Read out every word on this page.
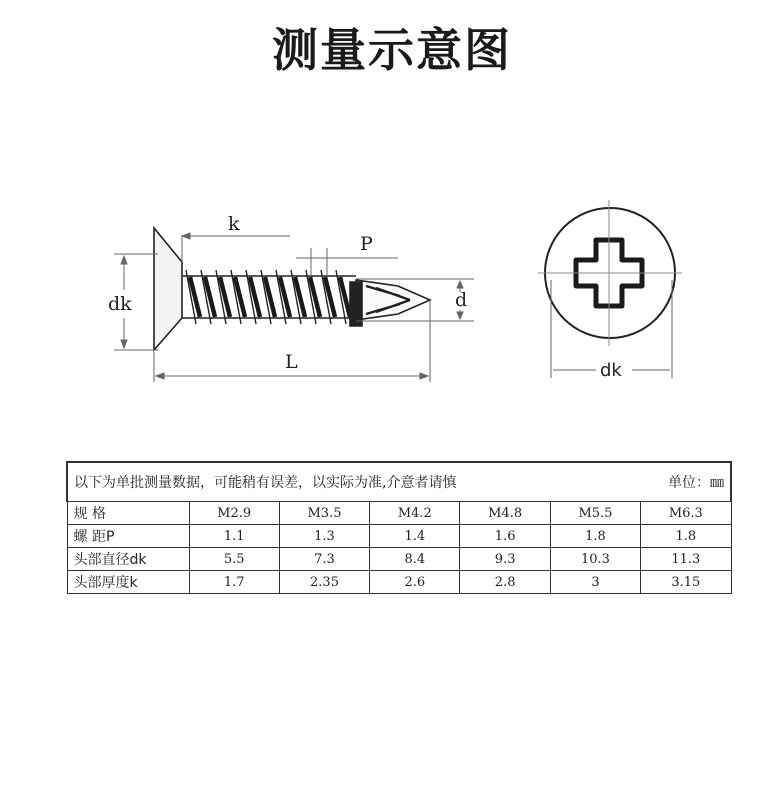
测量示意图
k
P
dk	d
L	dk
以下为单批测量数据，可能稍有误差，以实际为准,介意者请慎 单位：㎜						

规 格	M2.9	M3.5	M4.2	M4.8	M5.5	M6.3
螺 距P	1.1	1.3	1.4	1.6	1.8	1.8
头部直径dk	5.5	7.3	8.4	9.3	10.3	11.3
头部厚度k	1.7	2.35	2.6	2.8	3	3.15
